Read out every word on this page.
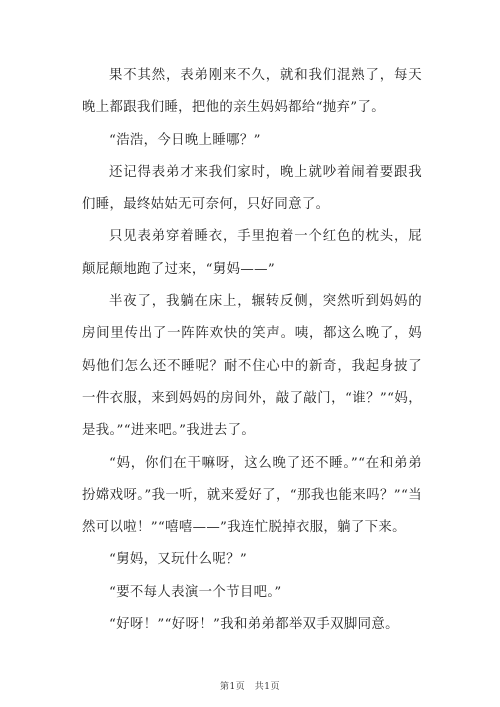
果不其然，表弟刚来不久，就和我们混熟了，每天晚上都跟我们睡，把他的亲生妈妈都给“抛弃”了。

“浩浩，今日晚上睡哪？”

还记得表弟才来我们家时，晚上就吵着闹着要跟我们睡，最终姑姑无可奈何，只好同意了。

只见表弟穿着睡衣，手里抱着一个红色的枕头，屁颠屁颠地跑了过来，“舅妈——”

半夜了，我躺在床上，辗转反侧，突然听到妈妈的房间里传出了一阵阵欢快的笑声。咦，都这么晚了，妈妈他们怎么还不睡呢？耐不住心中的新奇，我起身披了一件衣服，来到妈妈的房间外，敲了敲门，“谁？”“妈，是我。”“进来吧。”我进去了。

“妈，你们在干嘛呀，这么晚了还不睡。”“在和弟弟扮嫦戏呀。”我一听，就来爱好了，“那我也能来吗？”“当然可以啦！”“嘻嘻——”我连忙脱掉衣服，躺了下来。

“舅妈，又玩什么呢？”

“要不每人表演一个节目吧。”

“好呀！”“好呀！”我和弟弟都举双手双脚同意。

第1页　共1页
